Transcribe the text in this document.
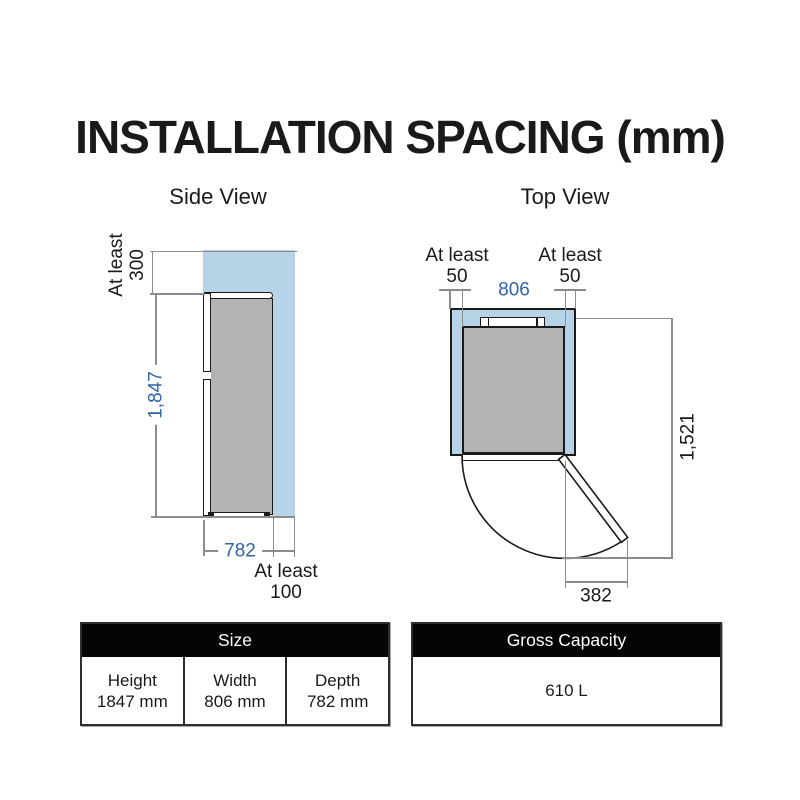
INSTALLATION SPACING (mm)
Side View	Top View
At least 300
1,847
782
At least
100
At least
50
At least
50
806
1,521
382
Size
Height
1847 mm
Width
806 mm
Depth
782 mm
Gross Capacity
610 L
